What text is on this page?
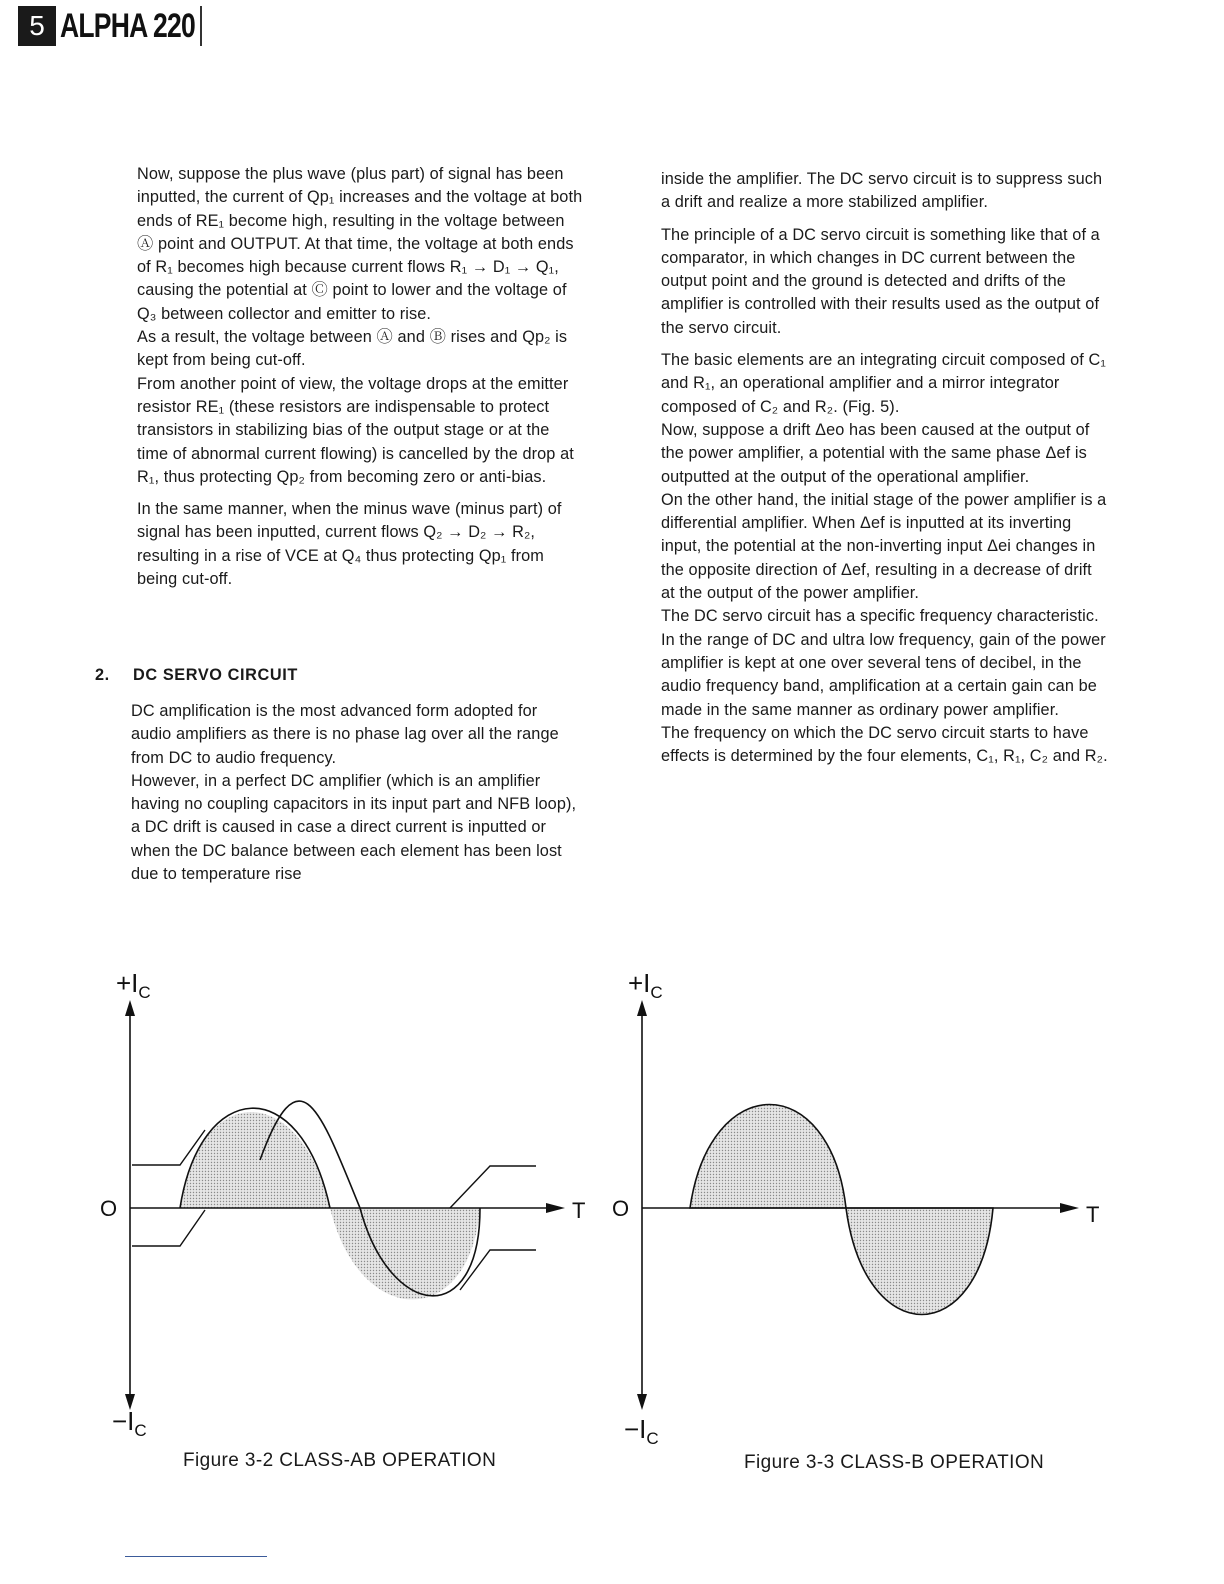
5 ALPHA 220

Now, suppose the plus wave (plus part) of signal has been inputted, the current of Qp₁ increases and the voltage at both ends of RE₁ become high, resulting in the voltage between Ⓐ point and OUTPUT. At that time, the voltage at both ends of R₁ becomes high because current flows R₁ → D₁ → Q₁, causing the potential at Ⓒ point to lower and the voltage of Q₃ between collector and emitter to rise.

As a result, the voltage between Ⓐ and Ⓑ rises and Qp₂ is kept from being cut-off.

From another point of view, the voltage drops at the emitter resistor RE₁ (these resistors are indispensable to protect transistors in stabilizing bias of the output stage or at the time of abnormal current flowing) is cancelled by the drop at R₁, thus protecting Qp₂ from becoming zero or anti-bias.

In the same manner, when the minus wave (minus part) of signal has been inputted, current flows Q₂ → D₂ → R₂, resulting in a rise of VCE at Q₄ thus protecting Qp₁ from being cut-off.

2. DC SERVO CIRCUIT

DC amplification is the most advanced form adopted for audio amplifiers as there is no phase lag over all the range from DC to audio frequency.

However, in a perfect DC amplifier (which is an amplifier having no coupling capacitors in its input part and NFB loop), a DC drift is caused in case a direct current is inputted or when the DC balance between each element has been lost due to temperature rise

inside the amplifier. The DC servo circuit is to suppress such a drift and realize a more stabilized amplifier.

The principle of a DC servo circuit is something like that of a comparator, in which changes in DC current between the output point and the ground is detected and drifts of the amplifier is controlled with their results used as the output of the servo circuit.

The basic elements are an integrating circuit composed of C₁ and R₁, an operational amplifier and a mirror integrator composed of C₂ and R₂. (Fig. 5).

Now, suppose a drift Δeo has been caused at the output of the power amplifier, a potential with the same phase Δef is outputted at the output of the operational amplifier.

On the other hand, the initial stage of the power amplifier is a differential amplifier. When Δef is inputted at its inverting input, the potential at the non-inverting input Δei changes in the opposite direction of Δef, resulting in a decrease of drift at the output of the power amplifier.

The DC servo circuit has a specific frequency characteristic. In the range of DC and ultra low frequency, gain of the power amplifier is kept at one over several tens of decibel, in the audio frequency band, amplification at a certain gain can be made in the same manner as ordinary power amplifier.

The frequency on which the DC servo circuit starts to have effects is determined by the four elements, C₁, R₁, C₂ and R₂.

$+I_C$
O	T
$-I_C$
Figure 3-2 CLASS-AB OPERATION
$+I_C$
O	T
$-I_C$
Figure 3-3 CLASS-B OPERATION
